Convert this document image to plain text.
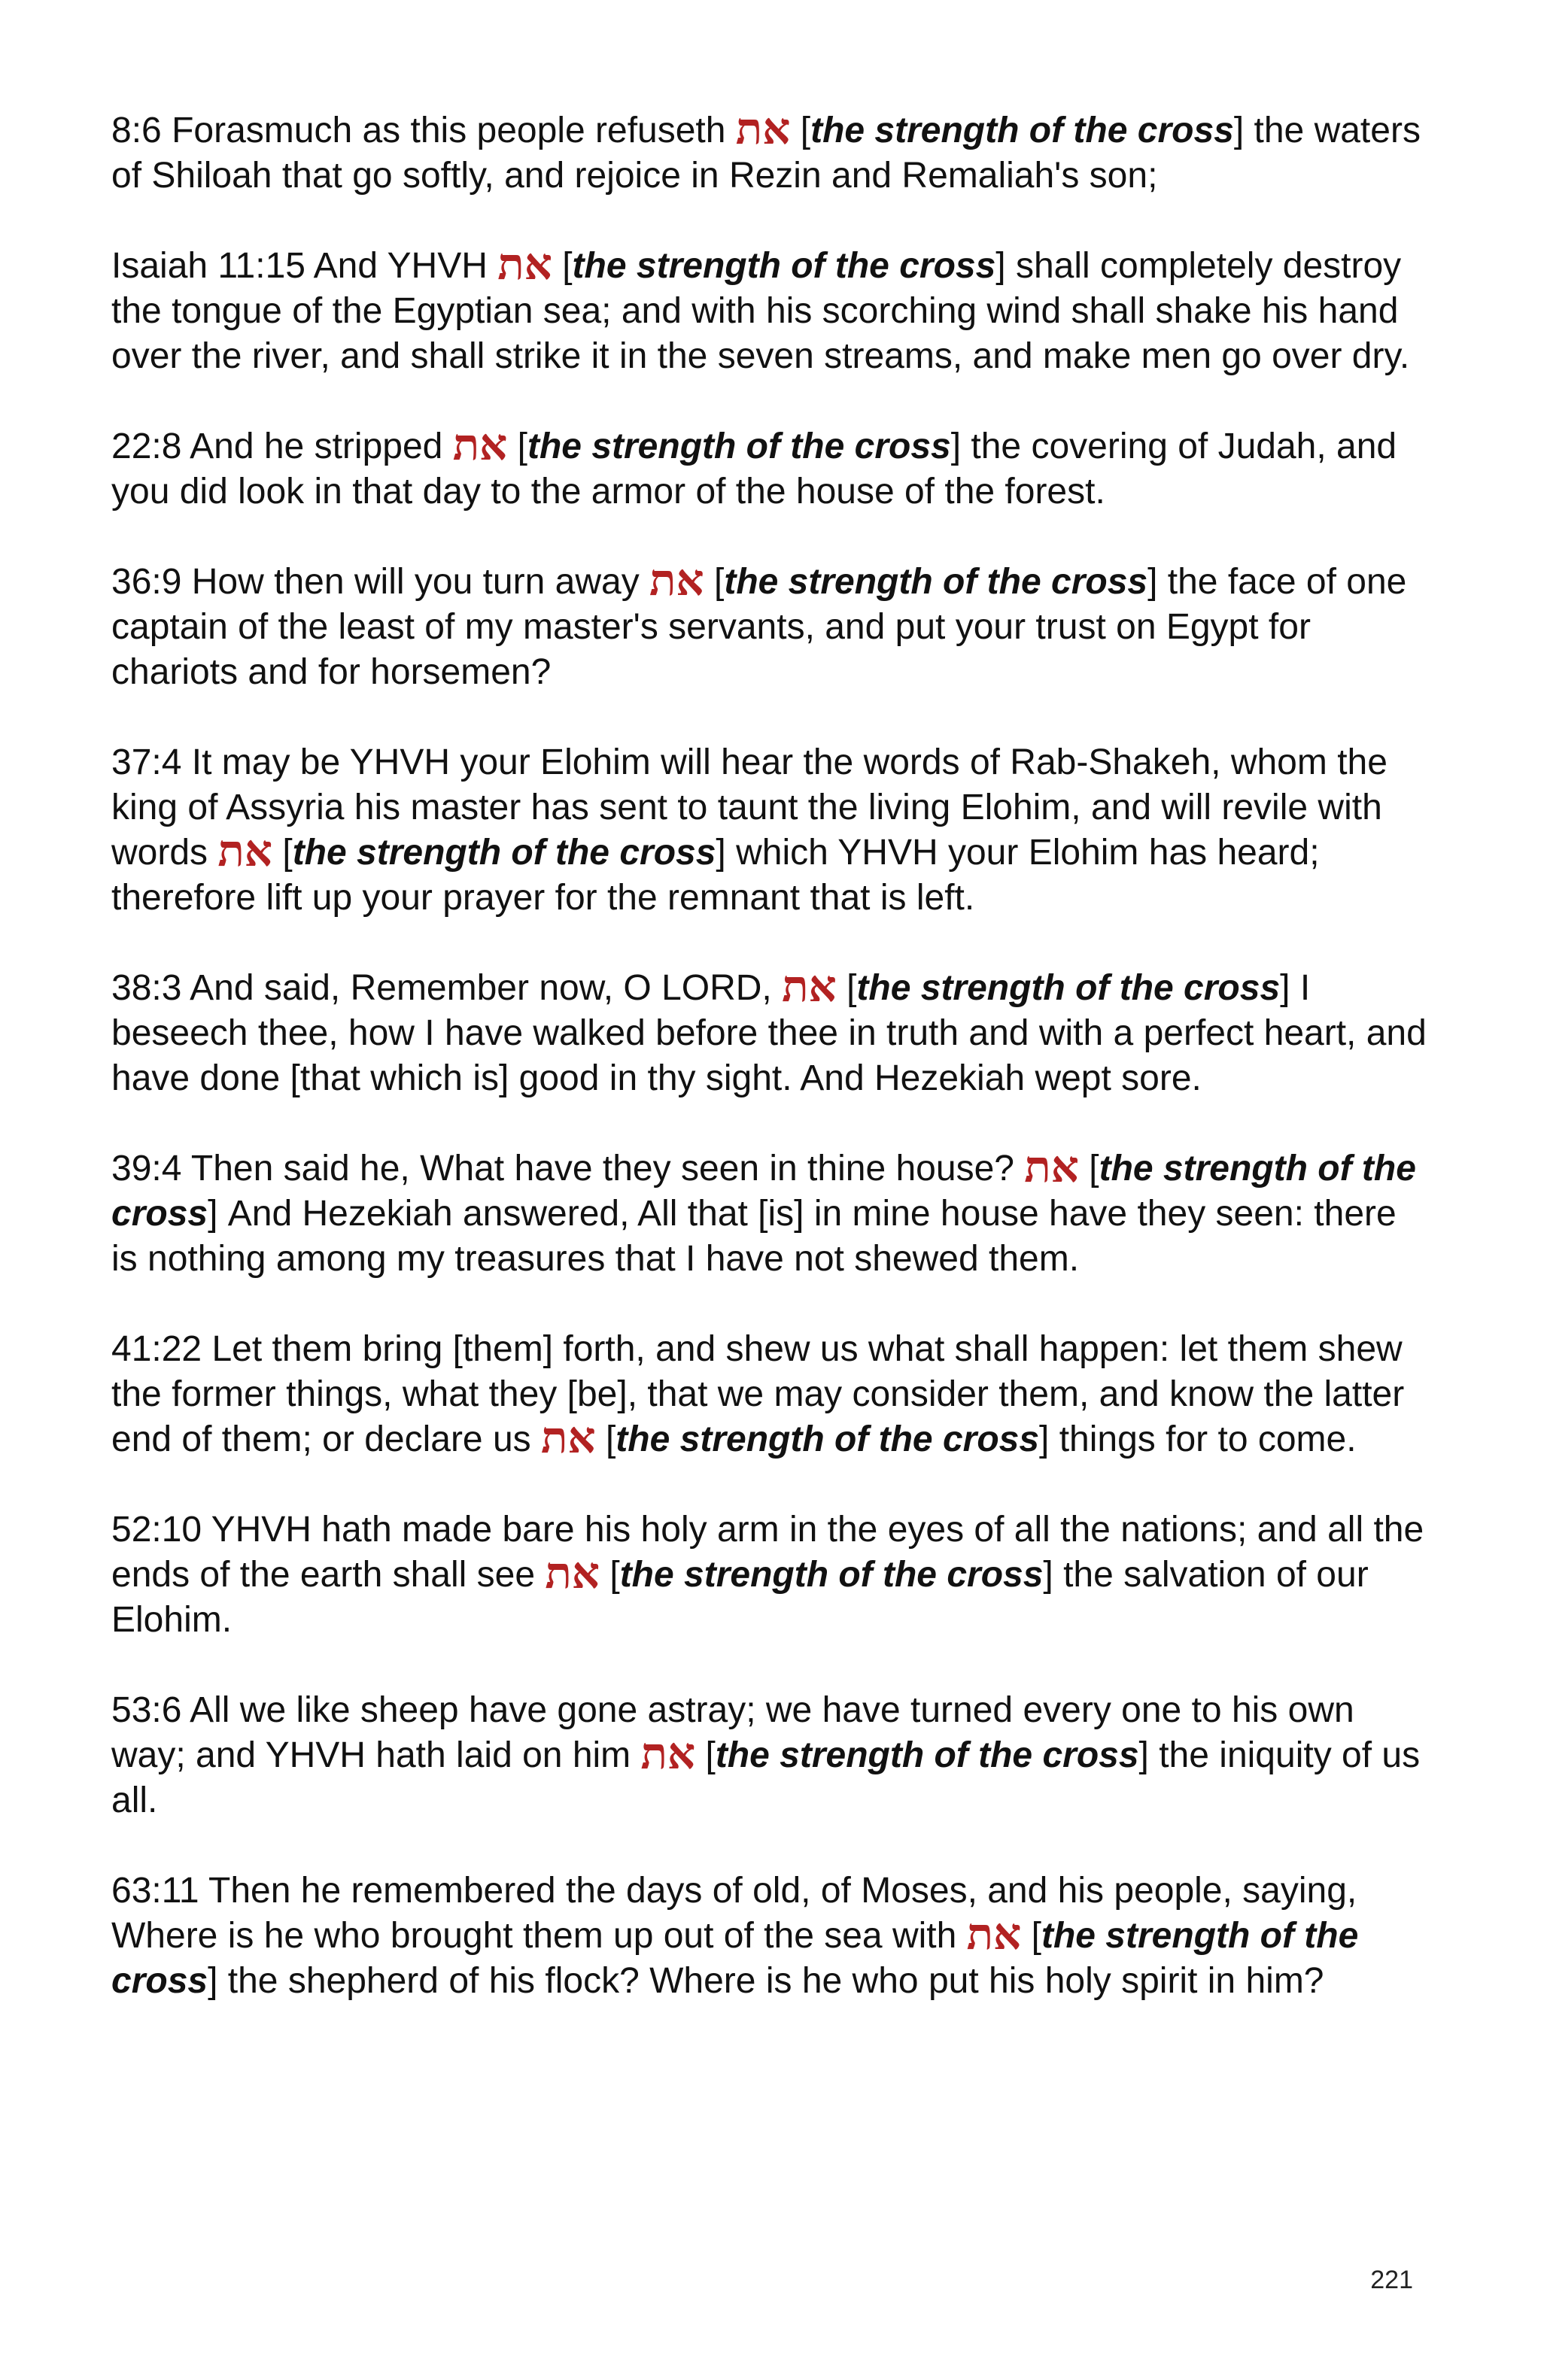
8:6 Forasmuch as this people refuseth את [the strength of the cross] the waters of Shiloah that go softly, and rejoice in Rezin and Remaliah's son;

Isaiah 11:15 And YHVH את [the strength of the cross] shall completely destroy the tongue of the Egyptian sea; and with his scorching wind shall shake his hand over the river, and shall strike it in the seven streams, and make men go over dry.

22:8 And he stripped את [the strength of the cross] the covering of Judah, and you did look in that day to the armor of the house of the forest.

36:9 How then will you turn away את [the strength of the cross] the face of one captain of the least of my master's servants, and put your trust on Egypt for chariots and for horsemen?

37:4 It may be YHVH your Elohim will hear the words of Rab-Shakeh, whom the king of Assyria his master has sent to taunt the living Elohim, and will revile with words את [the strength of the cross] which YHVH your Elohim has heard; therefore lift up your prayer for the remnant that is left.

38:3 And said, Remember now, O LORD, את [the strength of the cross] I beseech thee, how I have walked before thee in truth and with a perfect heart, and have done [that which is] good in thy sight. And Hezekiah wept sore.

39:4 Then said he, What have they seen in thine house? את [the strength of the cross] And Hezekiah answered, All that [is] in mine house have they seen: there is nothing among my treasures that I have not shewed them.

41:22 Let them bring [them] forth, and shew us what shall happen: let them shew the former things, what they [be], that we may consider them, and know the latter end of them; or declare us את [the strength of the cross] things for to come.

52:10 YHVH hath made bare his holy arm in the eyes of all the nations; and all the ends of the earth shall see את [the strength of the cross] the salvation of our Elohim.

53:6 All we like sheep have gone astray; we have turned every one to his own way; and YHVH hath laid on him את [the strength of the cross] the iniquity of us all.

63:11 Then he remembered the days of old, of Moses, and his people, saying, Where is he who brought them up out of the sea with את [the strength of the cross] the shepherd of his flock? Where is he who put his holy spirit in him?

221
